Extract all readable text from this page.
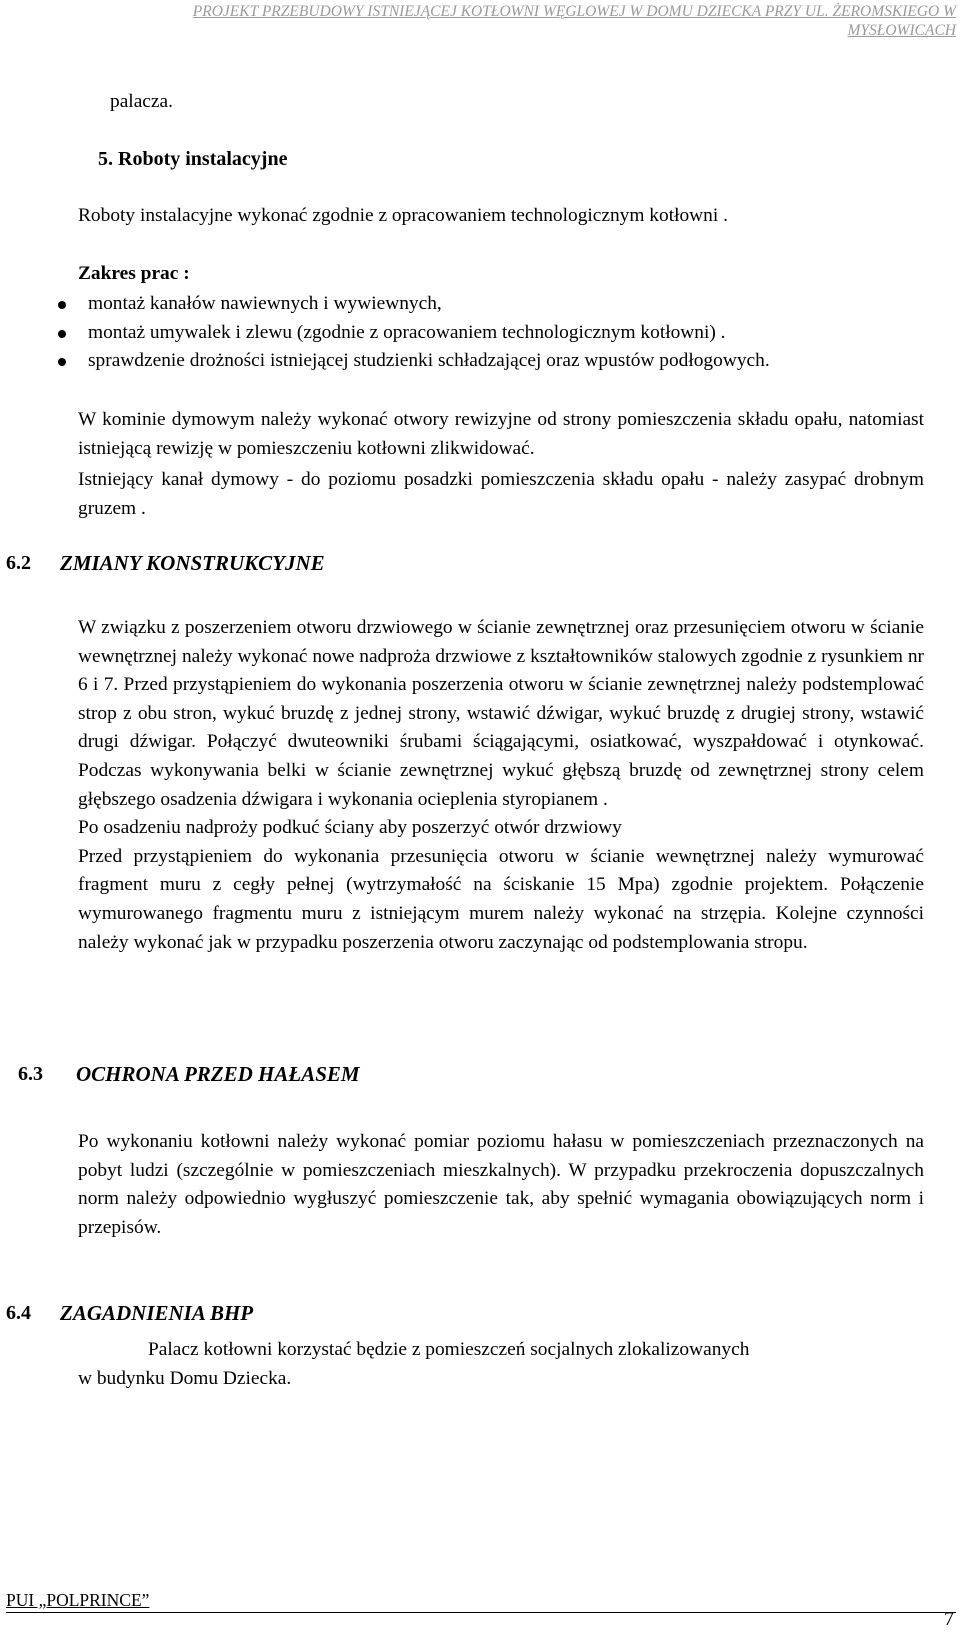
PROJEKT PRZEBUDOWY ISTNIEJĄCEJ KOTŁOWNI WĘGLOWEJ W DOMU DZIECKA PRZY UL. ŻEROMSKIEGO W
MYSŁOWICACH

palacza.

5. Roboty instalacyjne

Roboty instalacyjne wykonać zgodnie z opracowaniem technologicznym kotłowni .

Zakres prac :

montaż kanałów nawiewnych i wywiewnych,
montaż umywalek i zlewu (zgodnie z opracowaniem technologicznym kotłowni) .
sprawdzenie drożności istniejącej studzienki schładzającej oraz wpustów podłogowych.

W kominie dymowym należy wykonać otwory rewizyjne od strony pomieszczenia składu opału, natomiast istniejącą rewizję w pomieszczeniu kotłowni zlikwidować.

Istniejący kanał dymowy - do poziomu posadzki pomieszczenia składu opału - należy zasypać drobnym gruzem .

6.2 ZMIANY KONSTRUKCYJNE

W związku z poszerzeniem otworu drzwiowego w ścianie zewnętrznej oraz przesunięciem otworu w ścianie wewnętrznej należy wykonać nowe nadproża drzwiowe z kształtowników stalowych zgodnie z rysunkiem nr 6 i 7. Przed przystąpieniem do wykonania poszerzenia otworu w ścianie zewnętrznej należy podstemplować strop z obu stron, wykuć bruzdę z jednej strony, wstawić dźwigar, wykuć bruzdę z drugiej strony, wstawić drugi dźwigar. Połączyć dwuteowniki śrubami ściągającymi, osiatkować, wyszpałdować i otynkować. Podczas wykonywania belki w ścianie zewnętrznej wykuć głębszą bruzdę od zewnętrznej strony celem głębszego osadzenia dźwigara i wykonania ocieplenia styropianem .

Po osadzeniu nadproży podkuć ściany aby poszerzyć otwór drzwiowy

Przed przystąpieniem do wykonania przesunięcia otworu w ścianie wewnętrznej należy wymurować fragment muru z cegły pełnej (wytrzymałość na ściskanie 15 Mpa) zgodnie projektem. Połączenie wymurowanego fragmentu muru z istniejącym murem należy wykonać na strzępia. Kolejne czynności należy wykonać jak w przypadku poszerzenia otworu zaczynając od podstemplowania stropu.

6.3 OCHRONA PRZED HAŁASEM

Po wykonaniu kotłowni należy wykonać pomiar poziomu hałasu w pomieszczeniach przeznaczonych na pobyt ludzi (szczególnie w pomieszczeniach mieszkalnych). W przypadku przekroczenia dopuszczalnych norm należy odpowiednio wygłuszyć pomieszczenie tak, aby spełnić wymagania obowiązujących norm i przepisów.

6.4 ZAGADNIENIA BHP

Palacz kotłowni korzystać będzie z pomieszczeń socjalnych zlokalizowanych

w budynku Domu Dziecka.

PUI „POLPRINCE”
7
